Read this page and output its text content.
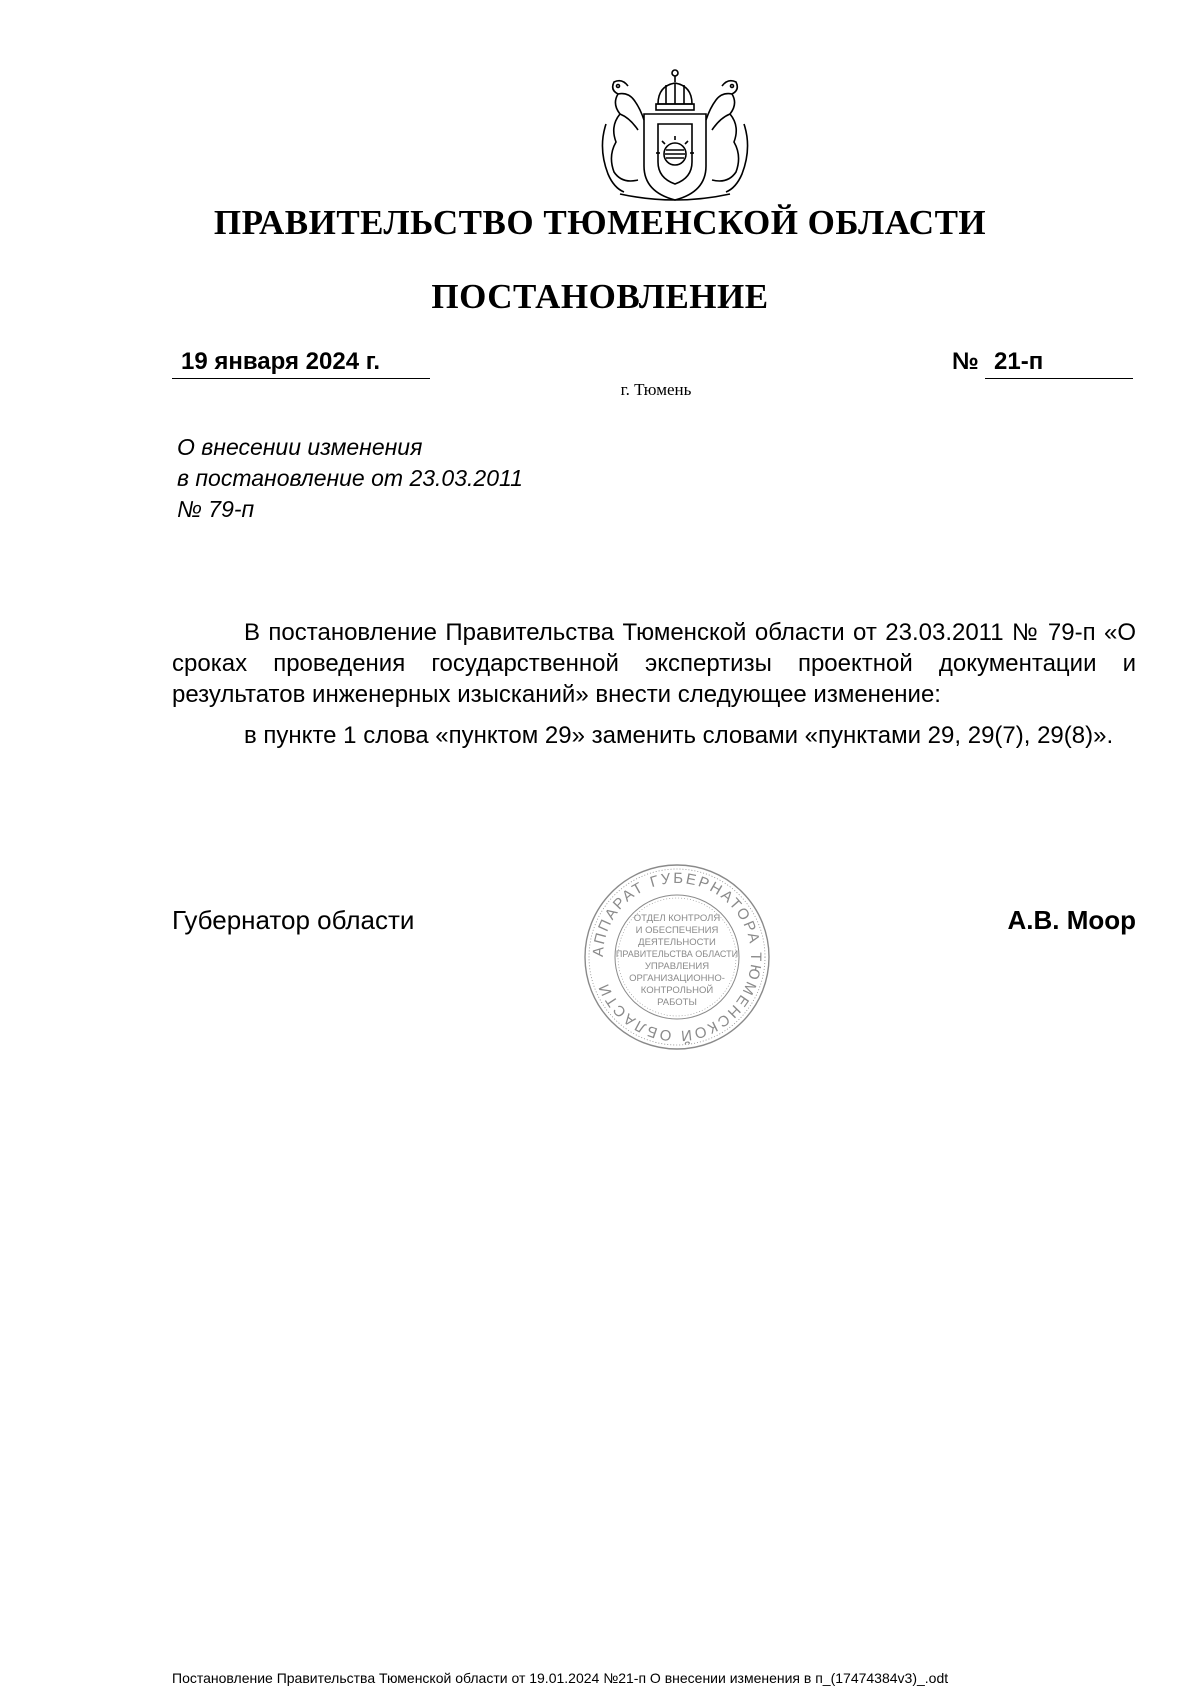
ПРАВИТЕЛЬСТВО ТЮМЕНСКОЙ ОБЛАСТИ
ПОСТАНОВЛЕНИЕ
19 января 2024 г.	№ 21-п
г. Тюмень
О внесении изменения
в постановление от 23.03.2011
№ 79-п

В постановление Правительства Тюменской области от 23.03.2011 № 79-п «О сроках проведения государственной экспертизы проектной документации и результатов инженерных изысканий» внести следующее изменение:

в пункте 1 слова «пунктом 29» заменить словами «пунктами 29, 29(7), 29(8)».

Губернатор области	А.В. Моор
АППАРАТ ГУБЕРНАТОРА ТЮМЕНСКОЙ ОБЛАСТИ
ОТДЕЛ КОНТРОЛЯ
И ОБЕСПЕЧЕНИЯ
ДЕЯТЕЛЬНОСТИ
ПРАВИТЕЛЬСТВА ОБЛАСТИ
УПРАВЛЕНИЯ
ОРГАНИЗАЦИОННО-
КОНТРОЛЬНОЙ
РАБОТЫ
Постановление Правительства Тюменской области от 19.01.2024 №21-п О внесении изменения в п_(17474384v3)_.odt
